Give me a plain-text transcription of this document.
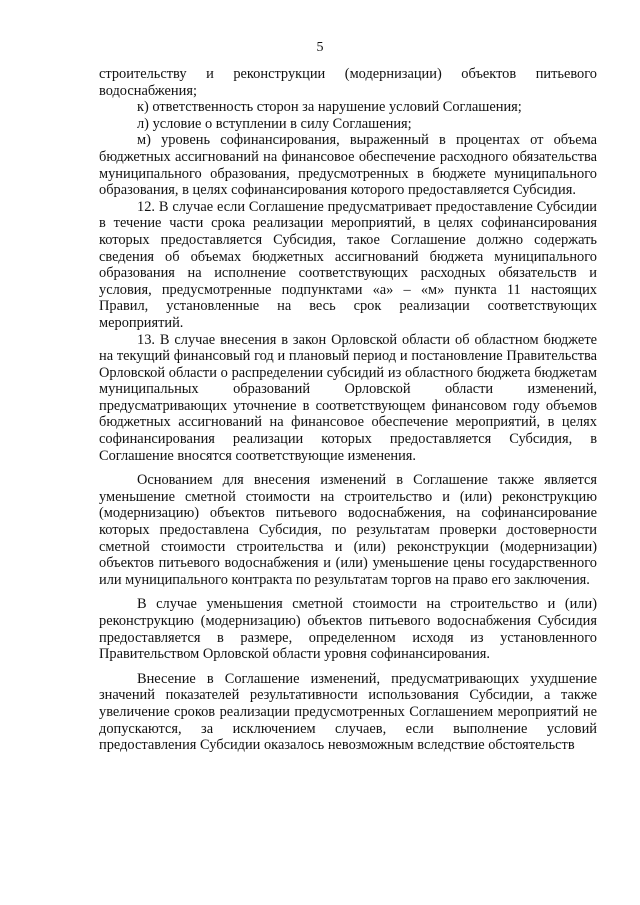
5

строительству и реконструкции (модернизации) объектов питьевого водоснабжения;

к) ответственность сторон за нарушение условий Соглашения;

л) условие о вступлении в силу Соглашения;

м) уровень софинансирования, выраженный в процентах от объема бюджетных ассигнований на финансовое обеспечение расходного обязательства муниципального образования, предусмотренных в бюджете муниципального образования, в целях софинансирования которого предоставляется Субсидия.

12. В случае если Соглашение предусматривает предоставление Субсидии в течение части срока реализации мероприятий, в целях софинансирования которых предоставляется Субсидия, такое Соглашение должно содержать сведения об объемах бюджетных ассигнований бюджета муниципального образования на исполнение соответствующих расходных обязательств и условия, предусмотренные подпунктами «а» – «м» пункта 11 настоящих Правил, установленные на весь срок реализации соответствующих мероприятий.

13. В случае внесения в закон Орловской области об областном бюджете на текущий финансовый год и плановый период и постановление Правительства Орловской области о распределении субсидий из областного бюджета бюджетам муниципальных образований Орловской области изменений, предусматривающих уточнение в соответствующем финансовом году объемов бюджетных ассигнований на финансовое обеспечение мероприятий, в целях софинансирования реализации которых предоставляется Субсидия, в Соглашение вносятся соответствующие изменения.

Основанием для внесения изменений в Соглашение также является уменьшение сметной стоимости на строительство и (или) реконструкцию (модернизацию) объектов питьевого водоснабжения, на софинансирование которых предоставлена Субсидия, по результатам проверки достоверности сметной стоимости строительства и (или) реконструкции (модернизации) объектов питьевого водоснабжения и (или) уменьшение цены государственного или муниципального контракта по результатам торгов на право его заключения.

В случае уменьшения сметной стоимости на строительство и (или) реконструкцию (модернизацию) объектов питьевого водоснабжения Субсидия предоставляется в размере, определенном исходя из установленного Правительством Орловской области уровня софинансирования.

Внесение в Соглашение изменений, предусматривающих ухудшение значений показателей результативности использования Субсидии, а также увеличение сроков реализации предусмотренных Соглашением мероприятий не допускаются, за исключением случаев, если выполнение условий предоставления Субсидии оказалось невозможным вследствие обстоятельств
